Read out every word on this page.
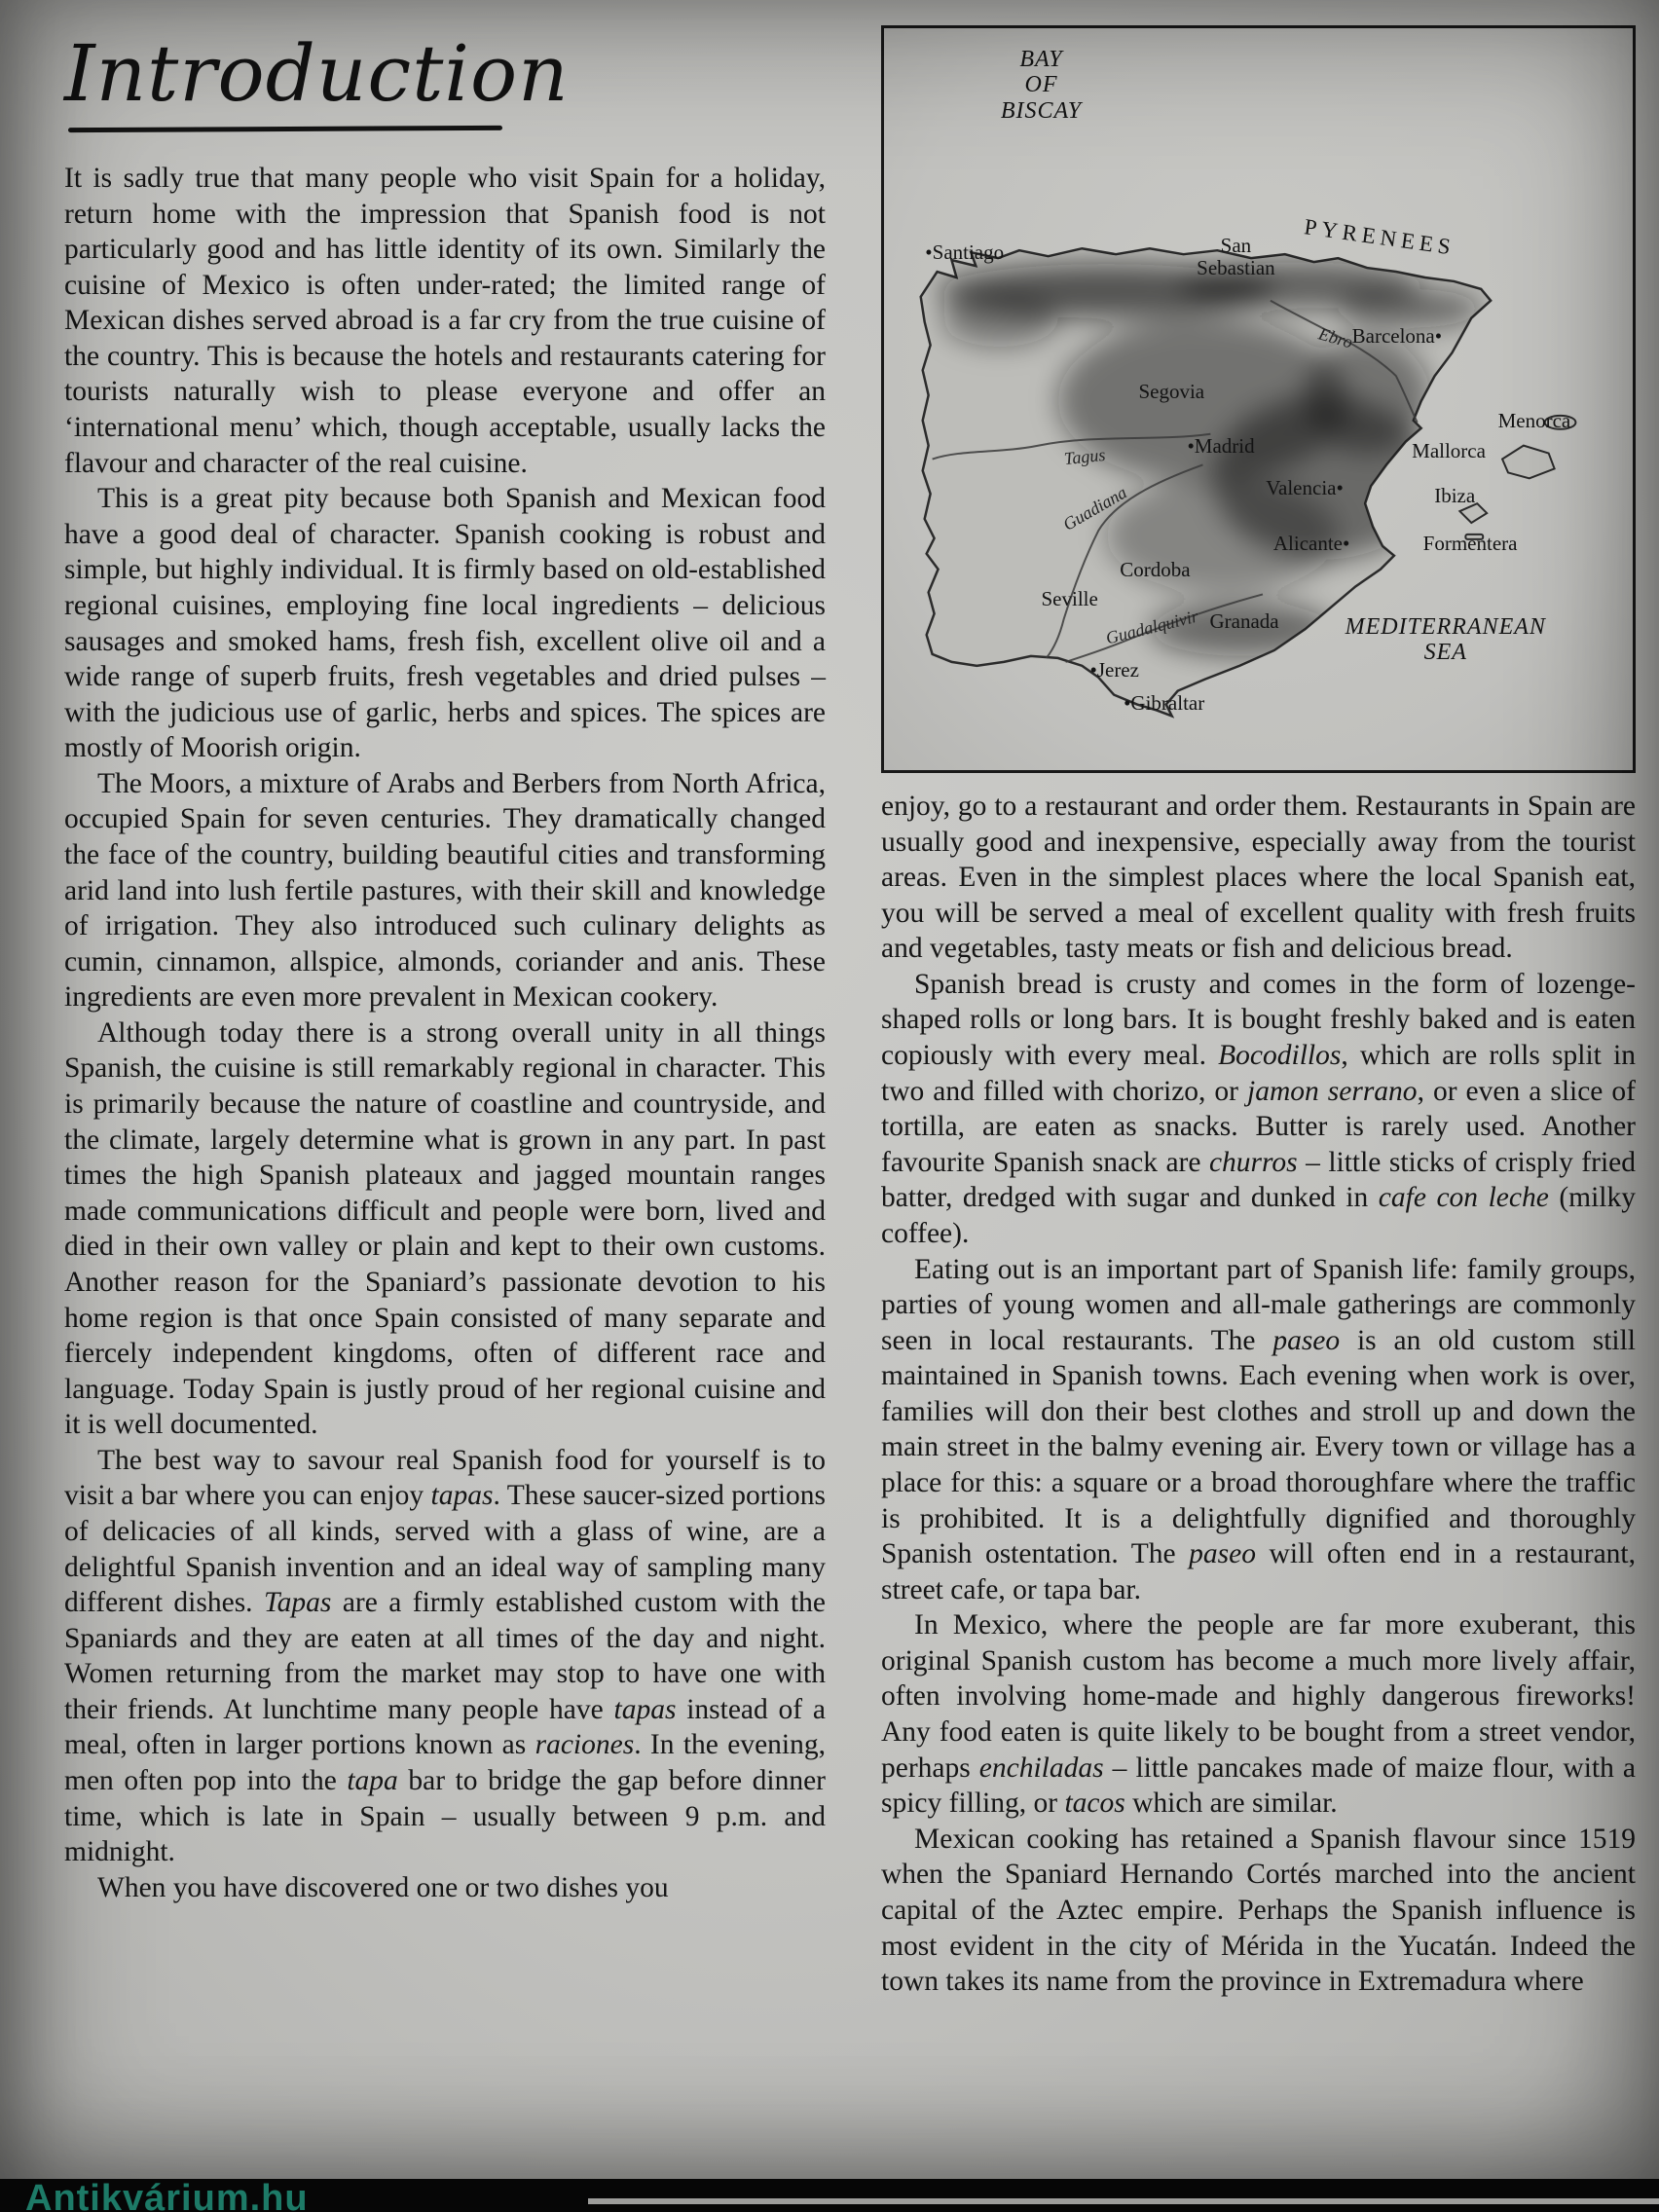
Introduction

It is sadly true that many people who visit Spain for a holiday, return home with the impression that Spanish food is not particularly good and has little identity of its own. Similarly the cuisine of Mexico is often under-rated; the limited range of Mexican dishes served abroad is a far cry from the true cuisine of the country. This is because the hotels and restaurants catering for tourists naturally wish to please everyone and offer an ‘international menu’ which, though acceptable, usually lacks the flavour and character of the real cuisine.

This is a great pity because both Spanish and Mexican food have a good deal of character. Spanish cooking is robust and simple, but highly individual. It is firmly based on old-established regional cuisines, employing fine local ingredients – delicious sausages and smoked hams, fresh fish, excellent olive oil and a wide range of superb fruits, fresh vegetables and dried pulses – with the judicious use of garlic, herbs and spices. The spices are mostly of Moorish origin.

The Moors, a mixture of Arabs and Berbers from North Africa, occupied Spain for seven centuries. They dramatically changed the face of the country, building beautiful cities and transforming arid land into lush fertile pastures, with their skill and knowledge of irrigation. They also introduced such culinary delights as cumin, cinnamon, allspice, almonds, coriander and anis. These ingredients are even more prevalent in Mexican cookery.

Although today there is a strong overall unity in all things Spanish, the cuisine is still remarkably regional in character. This is primarily because the nature of coastline and countryside, and the climate, largely determine what is grown in any part. In past times the high Spanish plateaux and jagged mountain ranges made communications difficult and people were born, lived and died in their own valley or plain and kept to their own customs. Another reason for the Spaniard’s passionate devotion to his home region is that once Spain consisted of many separate and fiercely independent kingdoms, often of different race and language. Today Spain is justly proud of her regional cuisine and it is well documented.

The best way to savour real Spanish food for yourself is to visit a bar where you can enjoy tapas. These saucer-sized portions of delicacies of all kinds, served with a glass of wine, are a delightful Spanish invention and an ideal way of sampling many different dishes. Tapas are a firmly established custom with the Spaniards and they are eaten at all times of the day and night. Women returning from the market may stop to have one with their friends. At lunchtime many people have tapas instead of a meal, often in larger portions known as raciones. In the evening, men often pop into the tapa bar to bridge the gap before dinner time, which is late in Spain – usually between 9 p.m. and midnight.

When you have discovered one or two dishes you

BAY
OF
BISCAY
PYRENEES
•Santiago	San
Sebastian
Barcelona•
Ebro
Segovia
•Madrid
Tagus
Guadiana	Valencia•
Alicante•
Menorca
Mallorca
Ibiza
Formentera
Cordoba
Seville
Guadalquivir Granada
•Jerez
•Gibraltar
MEDITERRANEAN
SEA

enjoy, go to a restaurant and order them. Restaurants in Spain are usually good and inexpensive, especially away from the tourist areas. Even in the simplest places where the local Spanish eat, you will be served a meal of excellent quality with fresh fruits and vegetables, tasty meats or fish and delicious bread.

Spanish bread is crusty and comes in the form of lozenge-shaped rolls or long bars. It is bought freshly baked and is eaten copiously with every meal. Bocodillos, which are rolls split in two and filled with chorizo, or jamon serrano, or even a slice of tortilla, are eaten as snacks. Butter is rarely used. Another favourite Spanish snack are churros – little sticks of crisply fried batter, dredged with sugar and dunked in cafe con leche (milky coffee).

Eating out is an important part of Spanish life: family groups, parties of young women and all-male gatherings are commonly seen in local restaurants. The paseo is an old custom still maintained in Spanish towns. Each evening when work is over, families will don their best clothes and stroll up and down the main street in the balmy evening air. Every town or village has a place for this: a square or a broad thoroughfare where the traffic is prohibited. It is a delightfully dignified and thoroughly Spanish ostentation. The paseo will often end in a restaurant, street cafe, or tapa bar.

In Mexico, where the people are far more exuberant, this original Spanish custom has become a much more lively affair, often involving home-made and highly dangerous fireworks! Any food eaten is quite likely to be bought from a street vendor, perhaps enchiladas – little pancakes made of maize flour, with a spicy filling, or tacos which are similar.

Mexican cooking has retained a Spanish flavour since 1519 when the Spaniard Hernando Cortés marched into the ancient capital of the Aztec empire. Perhaps the Spanish influence is most evident in the city of Mérida in the Yucatán. Indeed the town takes its name from the province in Extremadura where

Antikvárium.hu
